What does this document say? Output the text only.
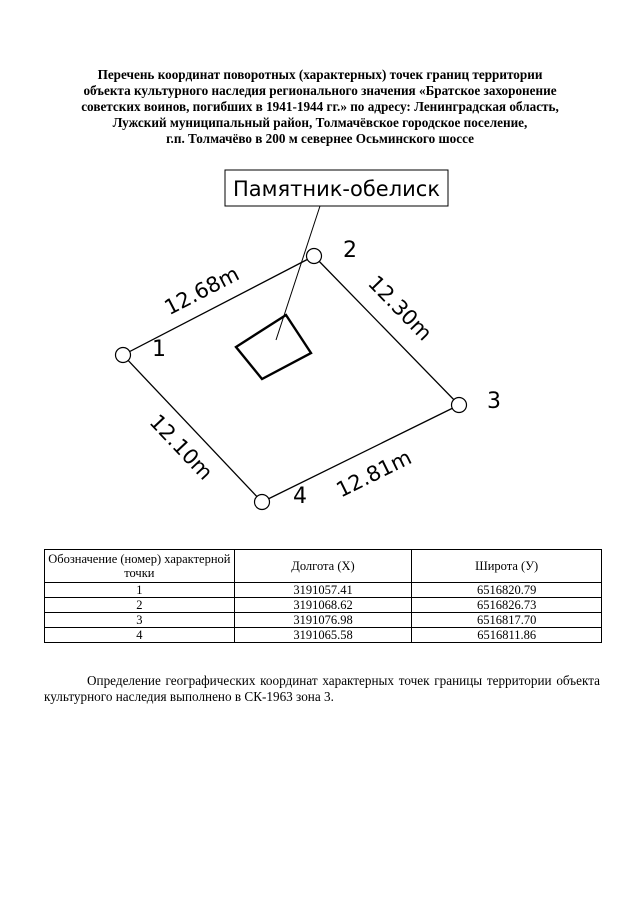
Перечень координат поворотных (характерных) точек границ территории
объекта культурного наследия регионального значения «Братское захоронение
советских воинов, погибших в 1941-1944 гг.» по адресу: Ленинградская область,
Лужский муниципальный район, Толмачёвское городское поселение,
г.п. Толмачёво в 200 м севернее Осьминского шоссе
Памятник-обелиск
1
2
3
4
12.68m	12.30m
12.81m
12.10m
Обозначение (номер) характерной точки	Долгота (X)	Широта (У)
1	3191057.41	6516820.79
2	3191068.62	6516826.73
3	3191076.98	6516817.70
4	3191065.58	6516811.86

Определение географических координат характерных точек границы территории объекта культурного наследия выполнено в СК-1963 зона 3.
